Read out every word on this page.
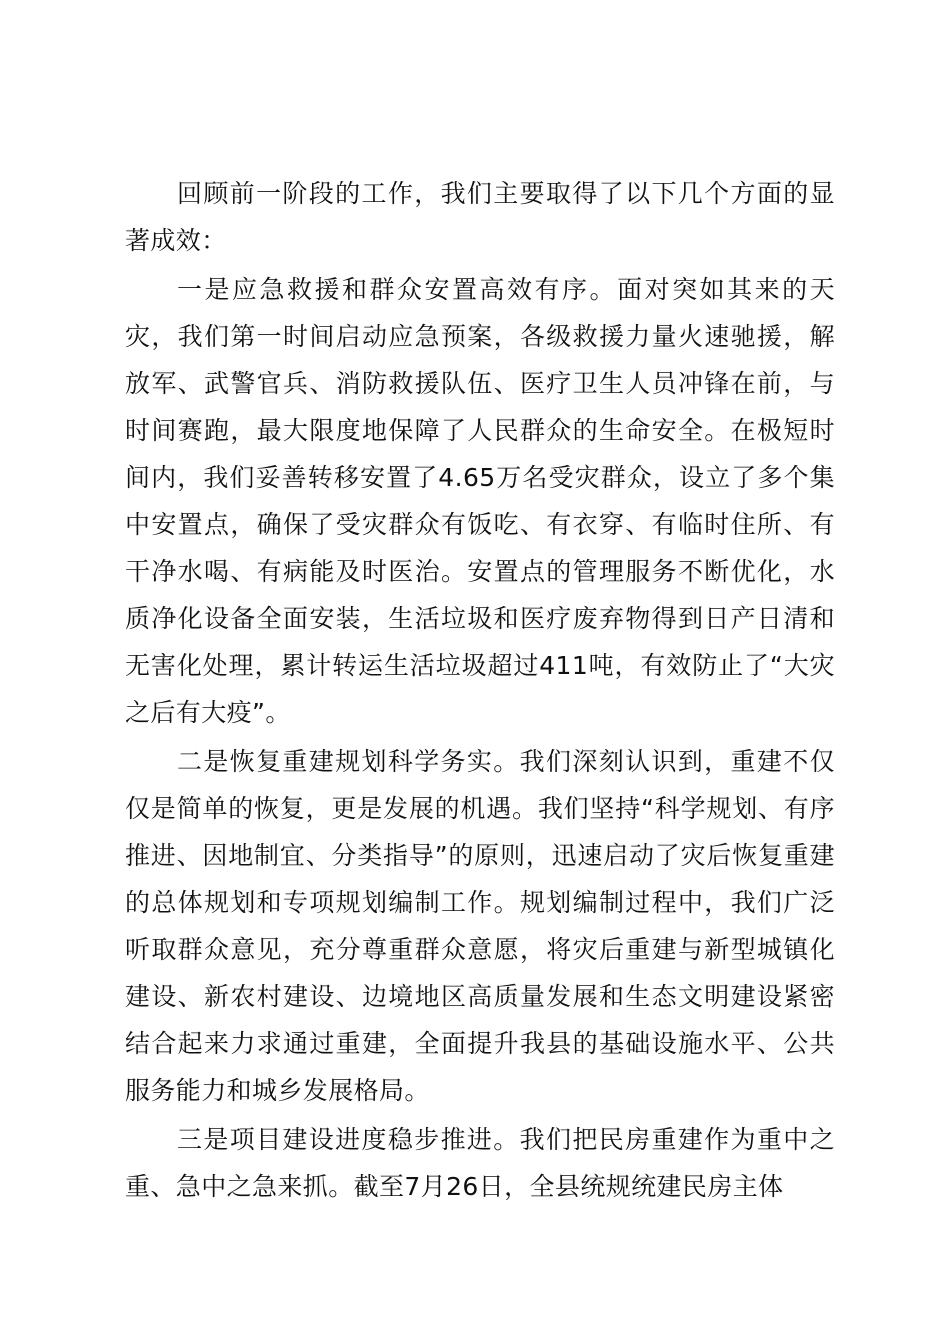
回顾前一阶段的工作，我们主要取得了以下几个方面的显著成效：

一是应急救援和群众安置高效有序。面对突如其来的天灾，我们第一时间启动应急预案，各级救援力量火速驰援，解放军、武警官兵、消防救援队伍、医疗卫生人员冲锋在前，与时间赛跑，最大限度地保障了人民群众的生命安全。在极短时间内，我们妥善转移安置了4.65万名受灾群众，设立了多个集中安置点，确保了受灾群众有饭吃、有衣穿、有临时住所、有干净水喝、有病能及时医治。安置点的管理服务不断优化，水质净化设备全面安装，生活垃圾和医疗废弃物得到日产日清和无害化处理，累计转运生活垃圾超过411吨，有效防止了“大灾之后有大疫”。

二是恢复重建规划科学务实。我们深刻认识到，重建不仅仅是简单的恢复，更是发展的机遇。我们坚持“科学规划、有序推进、因地制宜、分类指导”的原则，迅速启动了灾后恢复重建的总体规划和专项规划编制工作。规划编制过程中，我们广泛听取群众意见，充分尊重群众意愿，将灾后重建与新型城镇化建设、新农村建设、边境地区高质量发展和生态文明建设紧密结合起来力求通过重建，全面提升我县的基础设施水平、公共服务能力和城乡发展格局。

三是项目建设进度稳步推进。我们把民房重建作为重中之重、急中之急来抓。截至7月26日，全县统规统建民房主体
